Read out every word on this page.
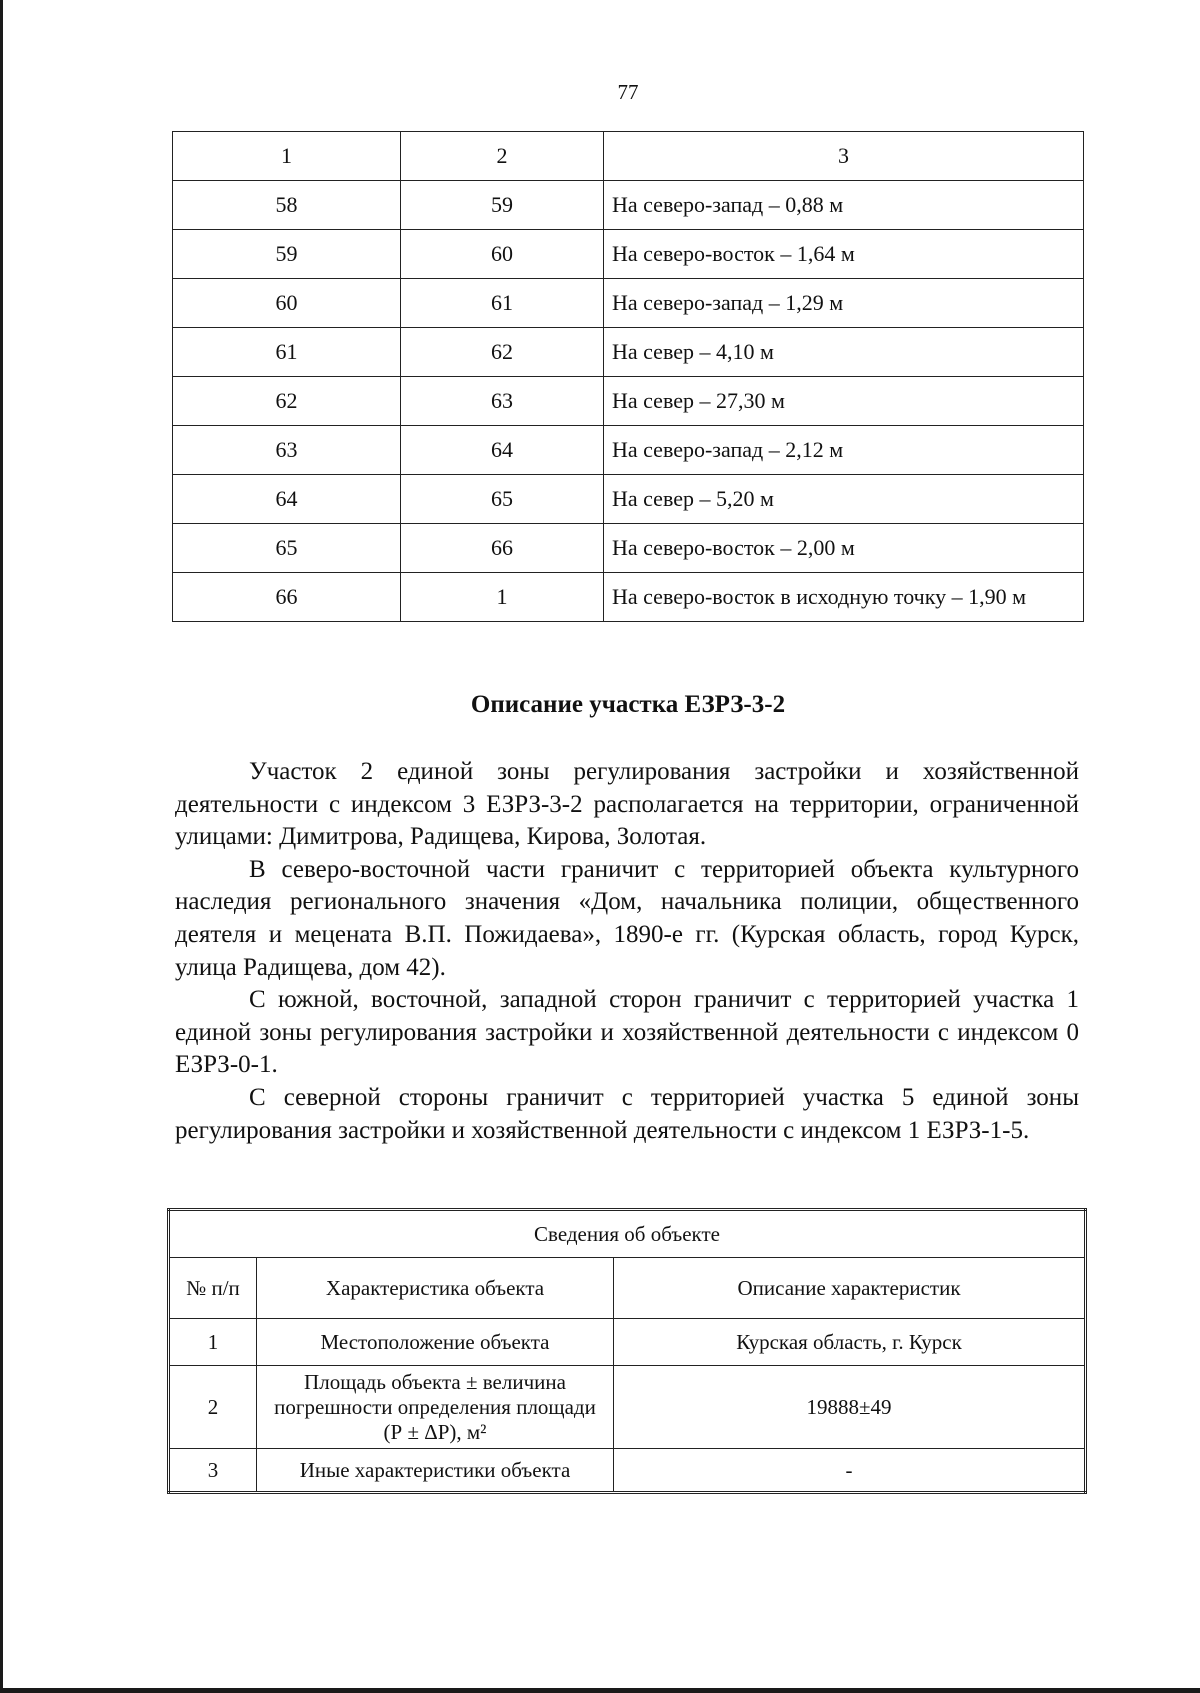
77
1	2	3
58	59	На северо-запад – 0,88 м
59	60	На северо-восток – 1,64 м
60	61	На северо-запад – 1,29 м
61	62	На север – 4,10 м
62	63	На север – 27,30 м
63	64	На северо-запад – 2,12 м
64	65	На север – 5,20 м
65	66	На северо-восток – 2,00 м
66	1	На северо-восток в исходную точку – 1,90 м
Описание участка ЕЗРЗ-3-2

Участок 2 единой зоны регулирования застройки и хозяйственной деятельности с индексом 3 ЕЗРЗ-3-2 располагается на территории, ограниченной улицами: Димитрова, Радищева, Кирова, Золотая.

В северо-восточной части граничит с территорией объекта культурного наследия регионального значения «Дом, начальника полиции, общественного деятеля и мецената В.П. Пожидаева», 1890-е гг. (Курская область, город Курск, улица Радищева, дом 42).

С южной, восточной, западной сторон граничит с территорией участка 1 единой зоны регулирования застройки и хозяйственной деятельности с индексом 0 ЕЗРЗ-0-1.

С северной стороны граничит с территорией участка 5 единой зоны регулирования застройки и хозяйственной деятельности с индексом 1 ЕЗРЗ-1-5.

Сведения об объекте		
№ п/п	Характеристика объекта	Описание характеристик
1	Местоположение объекта	Курская область, г. Курск
2	Площадь объекта ± величина погрешности определения площади (Р ± ΔР), м²	19888±49
3	Иные характеристики объекта	-
